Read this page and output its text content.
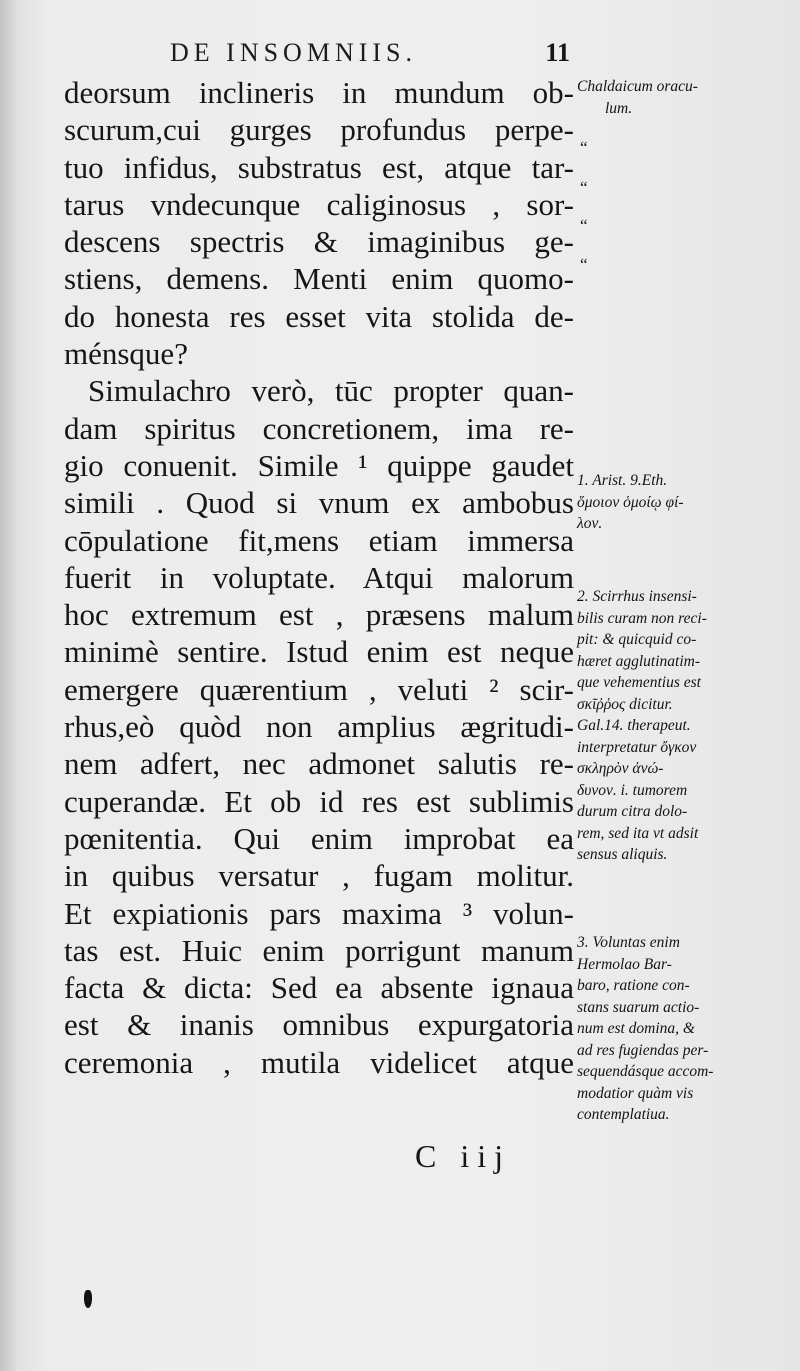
DE INSOMNIIS.	11
deorsum inclineris in mundum ob-
scurum,cui gurges profundus perpe-
tuo infidus, substratus est, atque tar-
tarus vndecunque caliginosus , sor-
descens spectris & imaginibus ge-
stiens, demens. Menti enim quomo-
do honesta res esset vita stolida de-
ménsque?
Simulachro verò, tūc propter quan-
dam spiritus concretionem, ima re-
gio conuenit. Simile ¹ quippe gaudet
simili . Quod si vnum ex ambobus
cōpulatione fit,mens etiam immersa
fuerit in voluptate. Atqui malorum
hoc extremum est , præsens malum
minimè sentire. Istud enim est neque
emergere quærentium , veluti ² scir-
rhus,eò quòd non amplius ægritudi-
nem adfert, nec admonet salutis re-
cuperandæ. Et ob id res est sublimis
pœnitentia. Qui enim improbat ea
in quibus versatur , fugam molitur.
Et expiationis pars maxima ³ volun-
tas est. Huic enim porrigunt manum
facta & dicta: Sed ea absente ignaua
est & inanis omnibus expurgatoria
ceremonia , mutila videlicet atque
C iij
“
“
“
“
Chaldaicum oracu-
lum.
1. Arist. 9.Eth.
ὅμοιον ὁμοίῳ φί-
λον.
2. Scirrhus insensi-
bilis curam non reci-
pit: & quicquid co-
hæret agglutinatim-
que vehementius est
σκῖῤῥος dicitur.
Gal.14. therapeut.
interpretatur ὄγκον
σκληρὸν ἀνώ-
δυνον. i. tumorem
durum citra dolo-
rem, sed ita vt adsit
sensus aliquis.
3. Voluntas enim
Hermolao Bar-
baro, ratione con-
stans suarum actio-
num est domina, &
ad res fugiendas per-
sequendásque accom-
modatior quàm vis
contemplatiua.
